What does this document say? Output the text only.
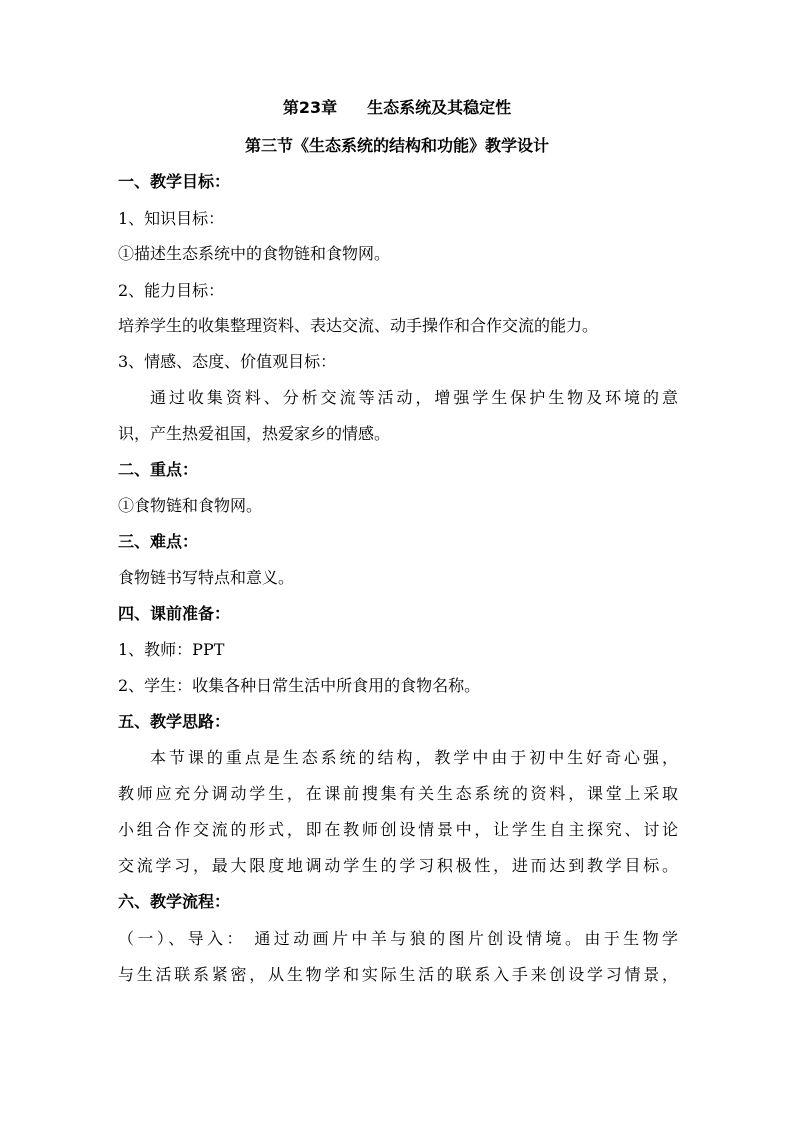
第23章 生态系统及其稳定性
第三节《生态系统的结构和功能》教学设计
一、教学目标：
1、知识目标：
①描述生态系统中的食物链和食物网。
2、能力目标：
培养学生的收集整理资料、表达交流、动手操作和合作交流的能力。
3、情感、态度、价值观目标：
通过收集资料、分析交流等活动，增强学生保护生物及环境的意
识，产生热爱祖国，热爱家乡的情感。
二、重点：
①食物链和食物网。
三、难点：
食物链书写特点和意义。
四、课前准备：
1、教师：PPT
2、学生：收集各种日常生活中所食用的食物名称。
五、教学思路：
本节课的重点是生态系统的结构，教学中由于初中生好奇心强，
教师应充分调动学生，在课前搜集有关生态系统的资料，课堂上采取
小组合作交流的形式，即在教师创设情景中，让学生自主探究、讨论
交流学习，最大限度地调动学生的学习积极性，进而达到教学目标。
六、教学流程：
（一）、导入： 通过动画片中羊与狼的图片创设情境。由于生物学
与生活联系紧密，从生物学和实际生活的联系入手来创设学习情景，
